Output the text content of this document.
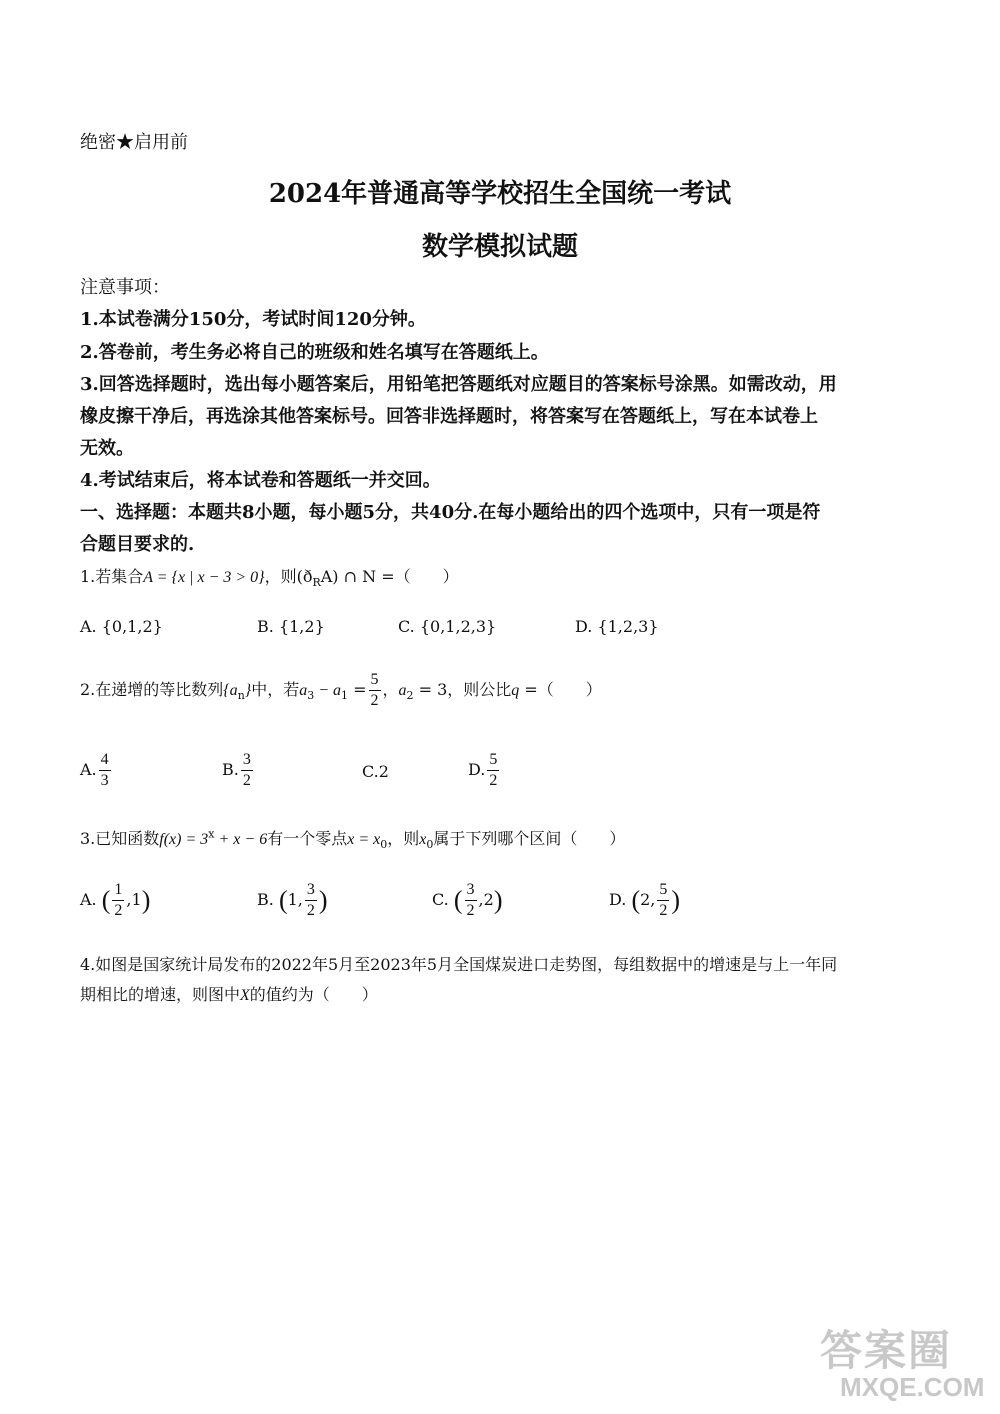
绝密★启用前
2024年普通高等学校招生全国统一考试
数学模拟试题
注意事项：
1.本试卷满分150分，考试时间120分钟。
2.答卷前，考生务必将自己的班级和姓名填写在答题纸上。
3.回答选择题时，选出每小题答案后，用铅笔把答题纸对应题目的答案标号涂黑。如需改动，用
橡皮擦干净后，再选涂其他答案标号。回答非选择题时，将答案写在答题纸上，写在本试卷上
无效。
4.考试结束后，将本试卷和答题纸一并交回。
一、选择题：本题共8小题，每小题5分，共40分.在每小题给出的四个选项中，只有一项是符
合题目要求的.
1.若集合A = {x | x − 3 > 0}，则$(ð_RA)$ ∩ N =（　　）
A. {0,1,2}	B. {1,2}	C. {0,1,2,3}	D. {1,2,3}
2.在递增的等比数列$\{a_n\}$中，若$a_3 - a_1 = \frac{5}{2}$ ，$a_2 = 3$，则公比q =（　　）
A. $\frac{4}{3}$	B. $\frac{3}{2}$	C.2	D. $\frac{5}{2}$
3.已知函数$f(x) = 3^x + x - 6$有一个零点$x = x_0$，则$x_0$属于下列哪个区间（　　）
A. ( $\frac{1}{2} ,1$)	B. (1, $\frac{3}{2}$ )	C. ( $\frac{3}{2} ,2$)	D. (2, $\frac{5}{2}$ )
4.如图是国家统计局发布的2022年5月至2023年5月全国煤炭进口走势图，每组数据中的增速是与上一年同
期相比的增速，则图中X的值约为（　　）
答案圈
MXQE.COM
